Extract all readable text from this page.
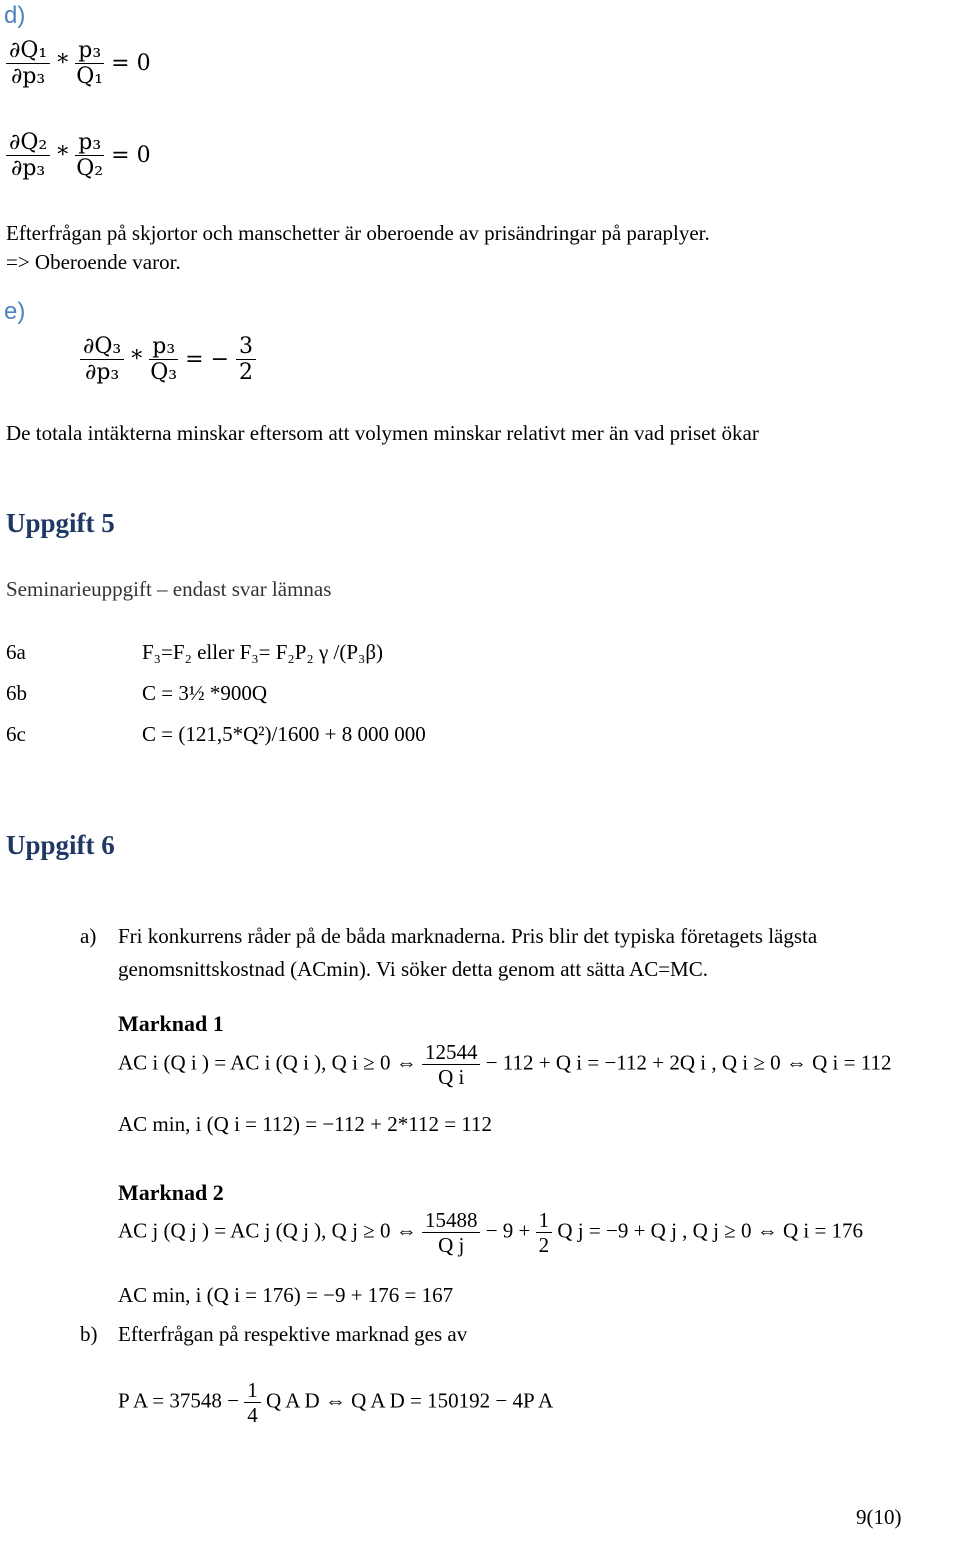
d)
$\frac{\text{∂Q₁}}{\text{∂p₃}} * \frac{\text{p₃}}{\text{Q₁}} = 0$
$\frac{\text{∂Q₂}}{\text{∂p₃}} * \frac{\text{p₃}}{\text{Q₂}} = 0$
Efterfrågan på skjortor och manschetter är oberoende av prisändringar på paraplyer.
=> Oberoende varor.
e)
$\frac{\text{∂Q₃}}{\text{∂p₃}} * \frac{\text{p₃}}{\text{Q₃}}$ = − $\frac{3}{2}$
De totala intäkterna minskar eftersom att volymen minskar relativt mer än vad priset ökar
Uppgift 5
Seminarieuppgift – endast svar lämnas
6a	F₃=F₂ eller F₃= F₂P₂ γ /(P₃β)
6b	C = 3½ *900Q
6c	C = (121,5*Q²)/1600 + 8 000 000
Uppgift 6
a) Fri konkurrens råder på de båda marknaderna. Pris blir det typiska företagets lägsta
genomsnittskostnad (ACmin). Vi söker detta genom att sätta AC=MC.
Marknad 1
AC i (Q i ) = AC i (Q i ), Q i ≥ 0 ⇔ $\frac{12544}{\text{Q i}} - 112 + Q$ i = −112 + 2Q i , Q i ≥ 0 ⇔ Q i = 112
AC min, i (Q i = 112) = −112 + 2*112 = 112
Marknad 2
AC j (Q j ) = AC j (Q j ), Q j ≥ 0 ⇔ $\frac{15488}{\text{Q j}} - 9 + \frac{1}{2}$ Q j = −9 + Q j , Q j ≥ 0 ⇔ Q i = 176
AC min, i (Q i = 176) = −9 + 176 = 167
b) Efterfrågan på respektive marknad ges av
P $A = 37548 - \frac{1}{4}$ Q A D ⇔ Q A D = 150192 − 4P A
9(10)
